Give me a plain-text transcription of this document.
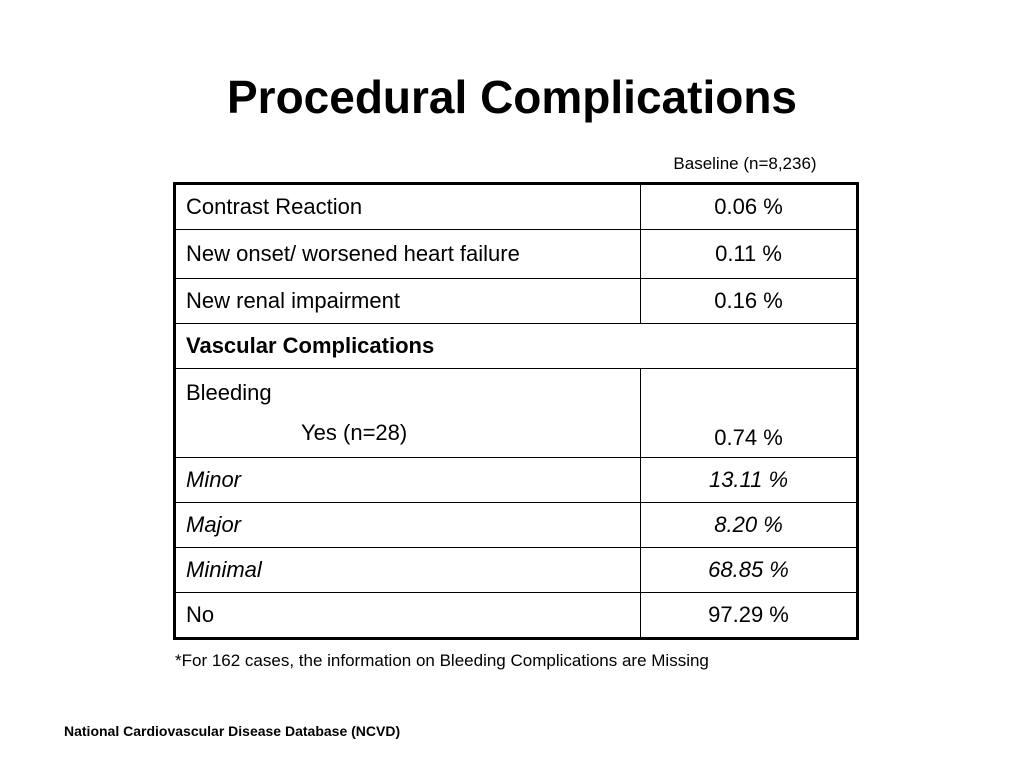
Procedural Complications
Baseline (n=8,236)
Contrast Reaction	0.06 %
New onset/ worsened heart failure	0.11 %
New renal impairment	0.16 %
Vascular Complications	

Bleeding
Yes (n=28)	0.74 %
Minor	13.11 %
Major	8.20 %
Minimal	68.85 %
No	97.29 %
*For 162 cases, the information on Bleeding Complications are Missing
National Cardiovascular Disease Database (NCVD)
